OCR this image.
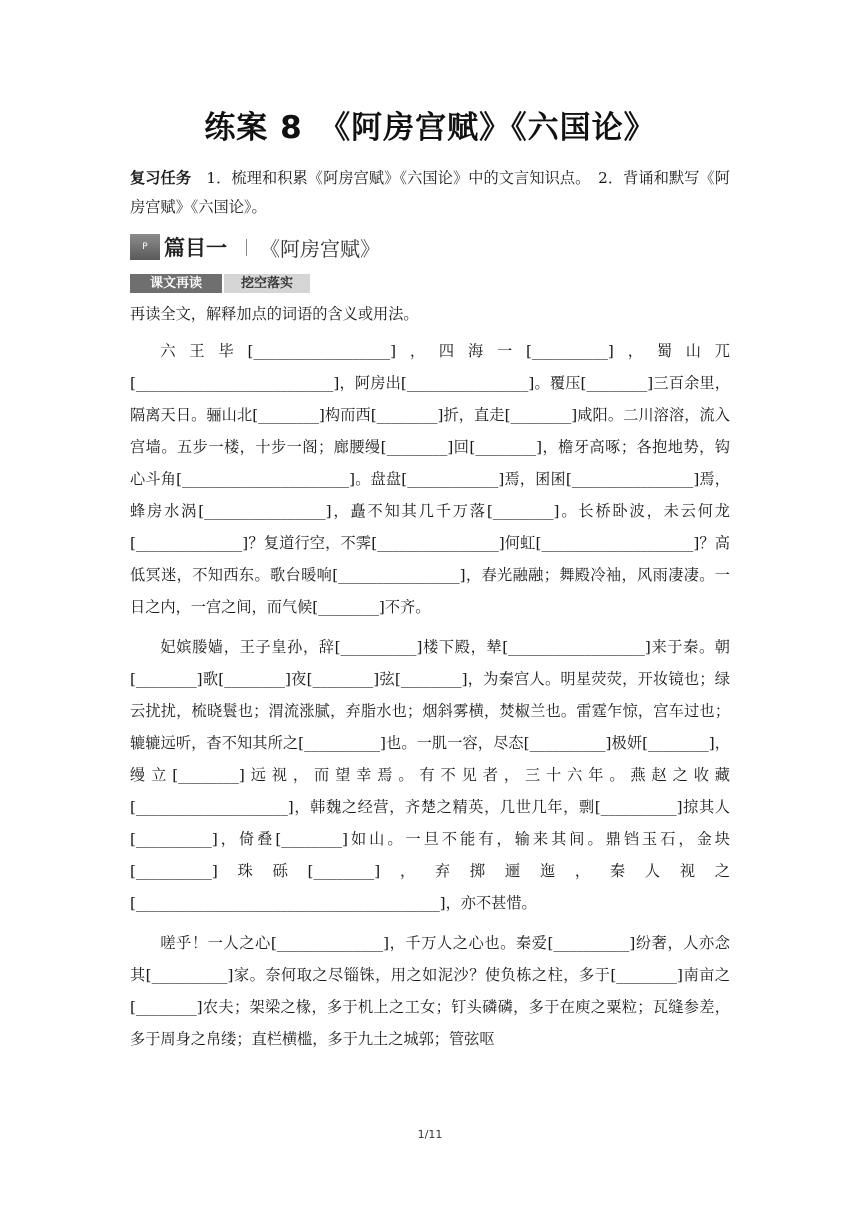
练案 8　《阿房宫赋》《六国论》
复习任务　1．梳理和积累《阿房宫赋》《六国论》中的文言知识点。　2．背诵和默写《阿房宫赋》《六国论》。
P 篇目一 《阿房宫赋》
课文再读	挖空落实
再读全文，解释加点的词语的含义或用法。

六王毕[__________________]，四海一[__________]，蜀山兀[__________________________]，阿房出[________________]。覆压[________]三百余里，隔离天日。骊山北[________]构而西[________]折，直走[________]咸阳。二川溶溶，流入宫墙。五步一楼，十步一阁；廊腰缦[________]回[________]，檐牙高啄；各抱地势，钩心斗角[______________________]。盘盘[____________]焉，囷囷[________________]焉，蜂房水涡[________________]，矗不知其几千万落[________]。长桥卧波，未云何龙[______________]？复道行空，不霁[________________]何虹[____________________]？高低冥迷，不知西东。歌台暖响[________________]，春光融融；舞殿冷袖，风雨凄凄。一日之内，一宫之间，而气候[________]不齐。

妃嫔媵嫱，王子皇孙，辞[__________]楼下殿，辇[__________________]来于秦。朝[________]歌[________]夜[________]弦[________]，为秦宫人。明星荧荧，开妆镜也；绿云扰扰，梳晓鬟也；渭流涨腻，弃脂水也；烟斜雾横，焚椒兰也。雷霆乍惊，宫车过也；辘辘远听，杳不知其所之[__________]也。一肌一容，尽态[__________]极妍[________]，缦立[________]远视，而望幸焉。有不见者，三十六年。燕赵之收藏[____________________]，韩魏之经营，齐楚之精英，几世几年，剽[__________]掠其人[__________]，倚叠[________]如山。一旦不能有，输来其间。鼎铛玉石，金块[__________]珠砾[________]，弃掷逦迤，秦人视之[________________________________________]，亦不甚惜。

嗟乎！一人之心[______________]，千万人之心也。秦爱[__________]纷奢，人亦念其[__________]家。奈何取之尽锱铢，用之如泥沙？使负栋之柱，多于[________]南亩之[________]农夫；架梁之椽，多于机上之工女；钉头磷磷，多于在庾之粟粒；瓦缝参差，多于周身之帛缕；直栏横槛，多于九土之城郭；管弦呕

1/11
